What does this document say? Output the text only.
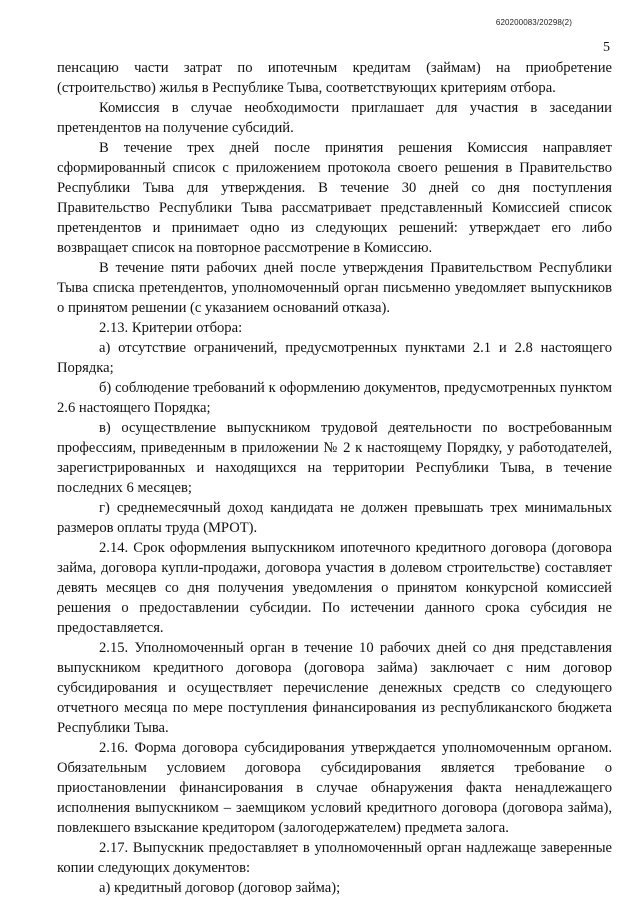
620200083/20298(2)
5

пенсацию части затрат по ипотечным кредитам (займам) на приобретение (строительство) жилья в Республике Тыва, соответствующих критериям отбора.

Комиссия в случае необходимости приглашает для участия в заседании претендентов на получение субсидий.

В течение трех дней после принятия решения Комиссия направляет сформированный список с приложением протокола своего решения в Правительство Республики Тыва для утверждения. В течение 30 дней со дня поступления Правительство Республики Тыва рассматривает представленный Комиссией список претендентов и принимает одно из следующих решений: утверждает его либо возвращает список на повторное рассмотрение в Комиссию.

В течение пяти рабочих дней после утверждения Правительством Республики Тыва списка претендентов, уполномоченный орган письменно уведомляет выпускников о принятом решении (с указанием оснований отказа).

2.13. Критерии отбора:

а) отсутствие ограничений, предусмотренных пунктами 2.1 и 2.8 настоящего Порядка;

б) соблюдение требований к оформлению документов, предусмотренных пунктом 2.6 настоящего Порядка;

в) осуществление выпускником трудовой деятельности по востребованным профессиям, приведенным в приложении № 2 к настоящему Порядку, у работодателей, зарегистрированных и находящихся на территории Республики Тыва, в течение последних 6 месяцев;

г) среднемесячный доход кандидата не должен превышать трех минимальных размеров оплаты труда (МРОТ).

2.14. Срок оформления выпускником ипотечного кредитного договора (договора займа, договора купли-продажи, договора участия в долевом строительстве) составляет девять месяцев со дня получения уведомления о принятом конкурсной комиссией решения о предоставлении субсидии. По истечении данного срока субсидия не предоставляется.

2.15. Уполномоченный орган в течение 10 рабочих дней со дня представления выпускником кредитного договора (договора займа) заключает с ним договор субсидирования и осуществляет перечисление денежных средств со следующего отчетного месяца по мере поступления финансирования из республиканского бюджета Республики Тыва.

2.16. Форма договора субсидирования утверждается уполномоченным органом. Обязательным условием договора субсидирования является требование о приостановлении финансирования в случае обнаружения факта ненадлежащего исполнения выпускником – заемщиком условий кредитного договора (договора займа), повлекшего взыскание кредитором (залогодержателем) предмета залога.

2.17. Выпускник предоставляет в уполномоченный орган надлежаще заверенные копии следующих документов:

а) кредитный договор (договор займа);
